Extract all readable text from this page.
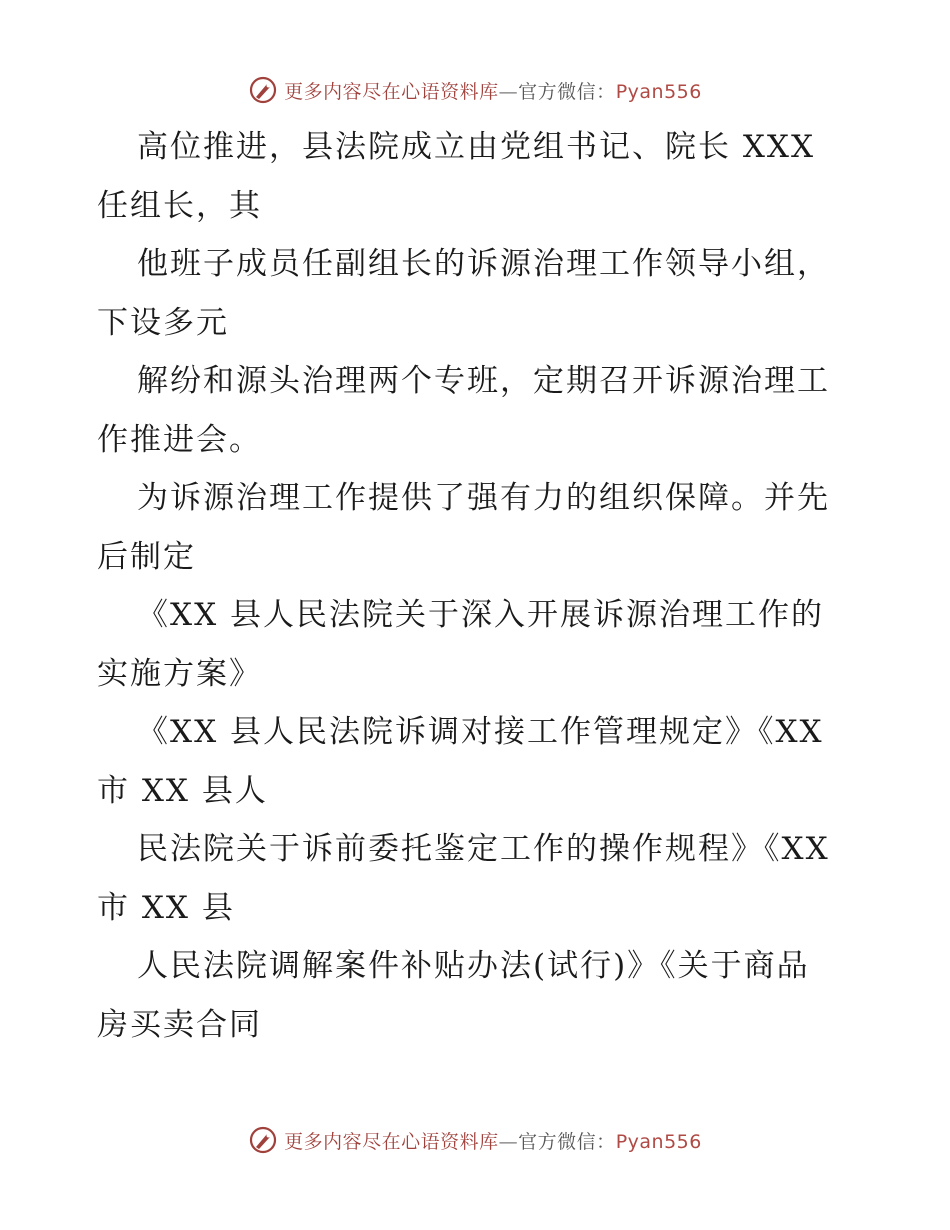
更多内容尽在心语资料库—官方微信：Pyan556
高位推进，县法院成立由党组书记、院长 XXX
任组长，其
他班子成员任副组长的诉源治理工作领导小组，
下设多元
解纷和源头治理两个专班，定期召开诉源治理工
作推进会。
为诉源治理工作提供了强有力的组织保障。并先
后制定
《XX 县人民法院关于深入开展诉源治理工作的
实施方案》
《XX 县人民法院诉调对接工作管理规定》《XX
市 XX 县人
民法院关于诉前委托鉴定工作的操作规程》《XX
市 XX 县
人民法院调解案件补贴办法(试行)》《关于商品
房买卖合同
更多内容尽在心语资料库—官方微信：Pyan556
